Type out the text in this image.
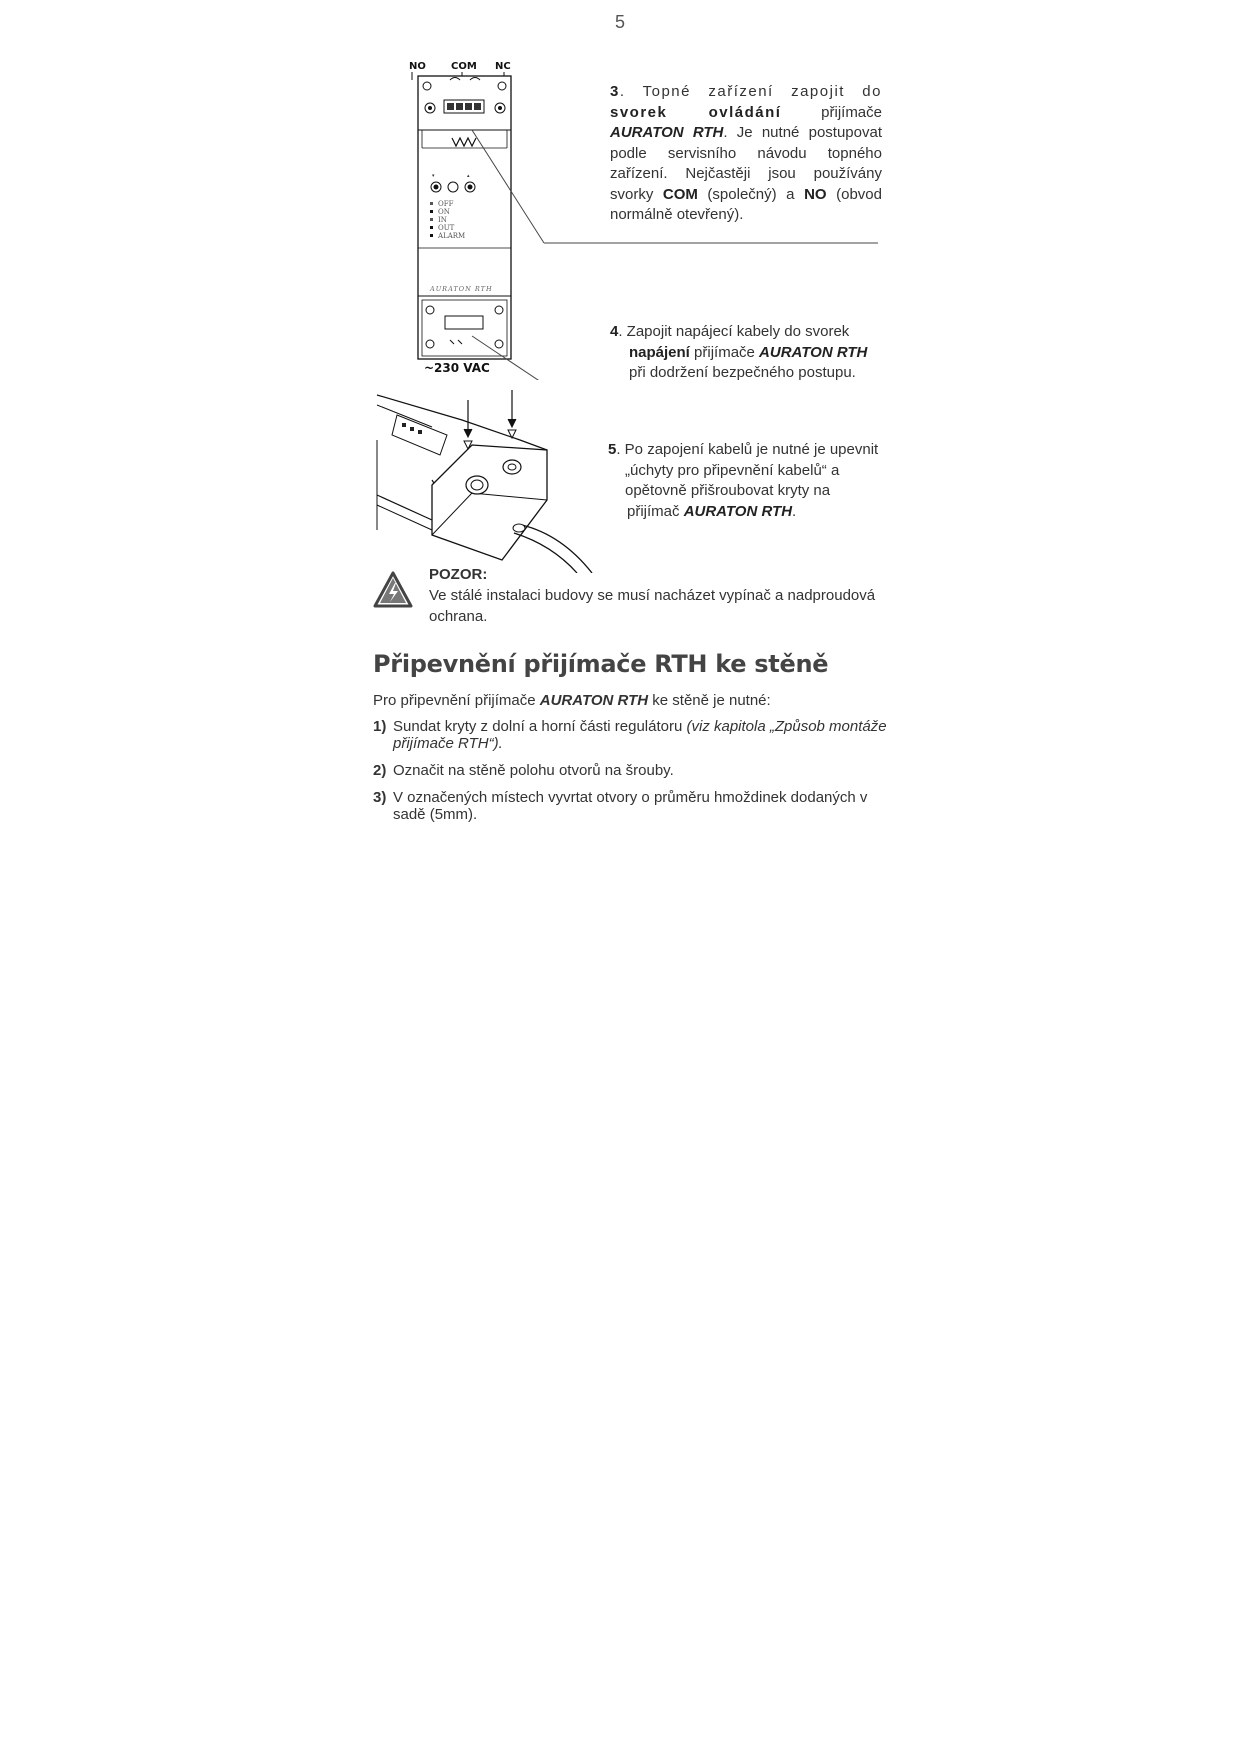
5
NO	COM NC
▾	▴
OFF
ON
IN
OUT
ALARM
AURATON RTH
~230 VAC
3. Topné zařízení zapojit do svorek ovládání přijímače AURATON RTH. Je nutné postupovat podle servisního návodu topného zařízení. Nejčastěji jsou používány svorky COM (společný) a NO (obvod normálně otevřený).
4. Zapojit napájecí kabely do svorek
napájení přijímače AURATON RTH
při dodržení bezpečného postupu.
5. Po zapojení kabelů je nutné je upevnit
„úchyty pro připevnění kabelů“ a
opětovně přišroubovat kryty na
přijímač AURATON RTH.
POZOR:
Ve stálé instalaci budovy se musí nacházet vypínač a nadproudová ochrana.
Připevnění přijímače RTH ke stěně
Pro připevnění přijímače AURATON RTH ke stěně je nutné:
1) Sundat kryty z dolní a horní části regulátoru (viz kapitola „Způsob montáže přijímače RTH“).
2) Označit na stěně polohu otvorů na šrouby.
3) V označených místech vyvrtat otvory o průměru hmoždinek dodaných v sadě (5mm).
